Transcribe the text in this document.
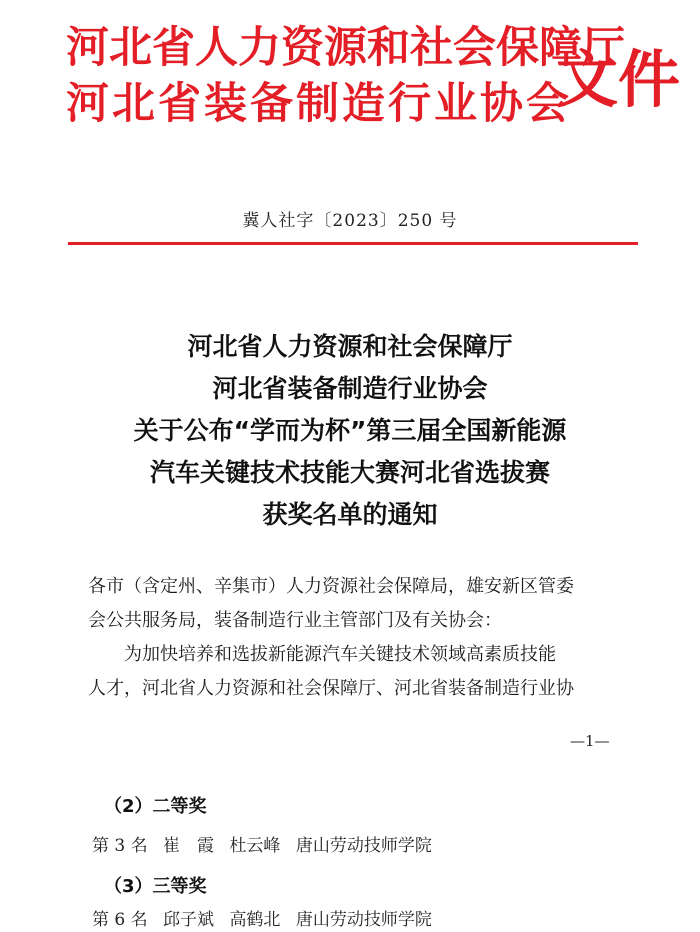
河北省人力资源和社会保障厅
河北省装备制造行业协会
文件
冀人社字〔2023〕250 号
河北省人力资源和社会保障厅
河北省装备制造行业协会
关于公布“学而为杯”第三届全国新能源
汽车关键技术技能大赛河北省选拔赛
获奖名单的通知

各市（含定州、辛集市）人力资源社会保障局，雄安新区管委

会公共服务局，装备制造行业主管部门及有关协会：

为加快培养和选拔新能源汽车关键技术领域高素质技能

人才，河北省人力资源和社会保障厅、河北省装备制造行业协

—1—
（2）二等奖
第 3 名 崔　霞 杜云峰 唐山劳动技师学院
（3）三等奖
第 6 名 邱子斌 高鹤北 唐山劳动技师学院
